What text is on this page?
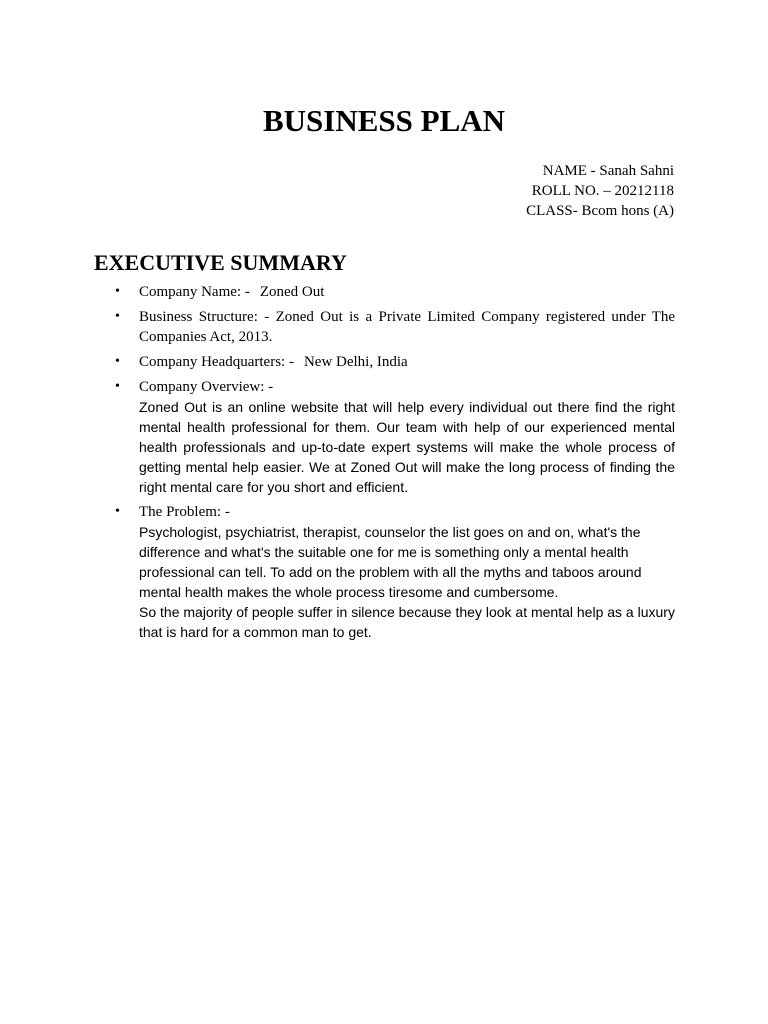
BUSINESS PLAN
NAME - Sanah Sahni
ROLL NO. – 20212118
CLASS- Bcom hons (A)
EXECUTIVE SUMMARY
• Company Name: - Zoned Out
• Business Structure: - Zoned Out is a Private Limited Company registered under The Companies Act, 2013.
• Company Headquarters: - New Delhi, India
• Company Overview: -
Zoned Out is an online website that will help every individual out there find the right mental health professional for them. Our team with help of our experienced mental health professionals and up-to-date expert systems will make the whole process of getting mental help easier. We at Zoned Out will make the long process of finding the right mental care for you short and efficient.
• The Problem: -
Psychologist, psychiatrist, therapist, counselor the list goes on and on, what's the difference and what's the suitable one for me is something only a mental health professional can tell. To add on the problem with all the myths and taboos around mental health makes the whole process tiresome and cumbersome.
So the majority of people suffer in silence because they look at mental help as a luxury that is hard for a common man to get.
